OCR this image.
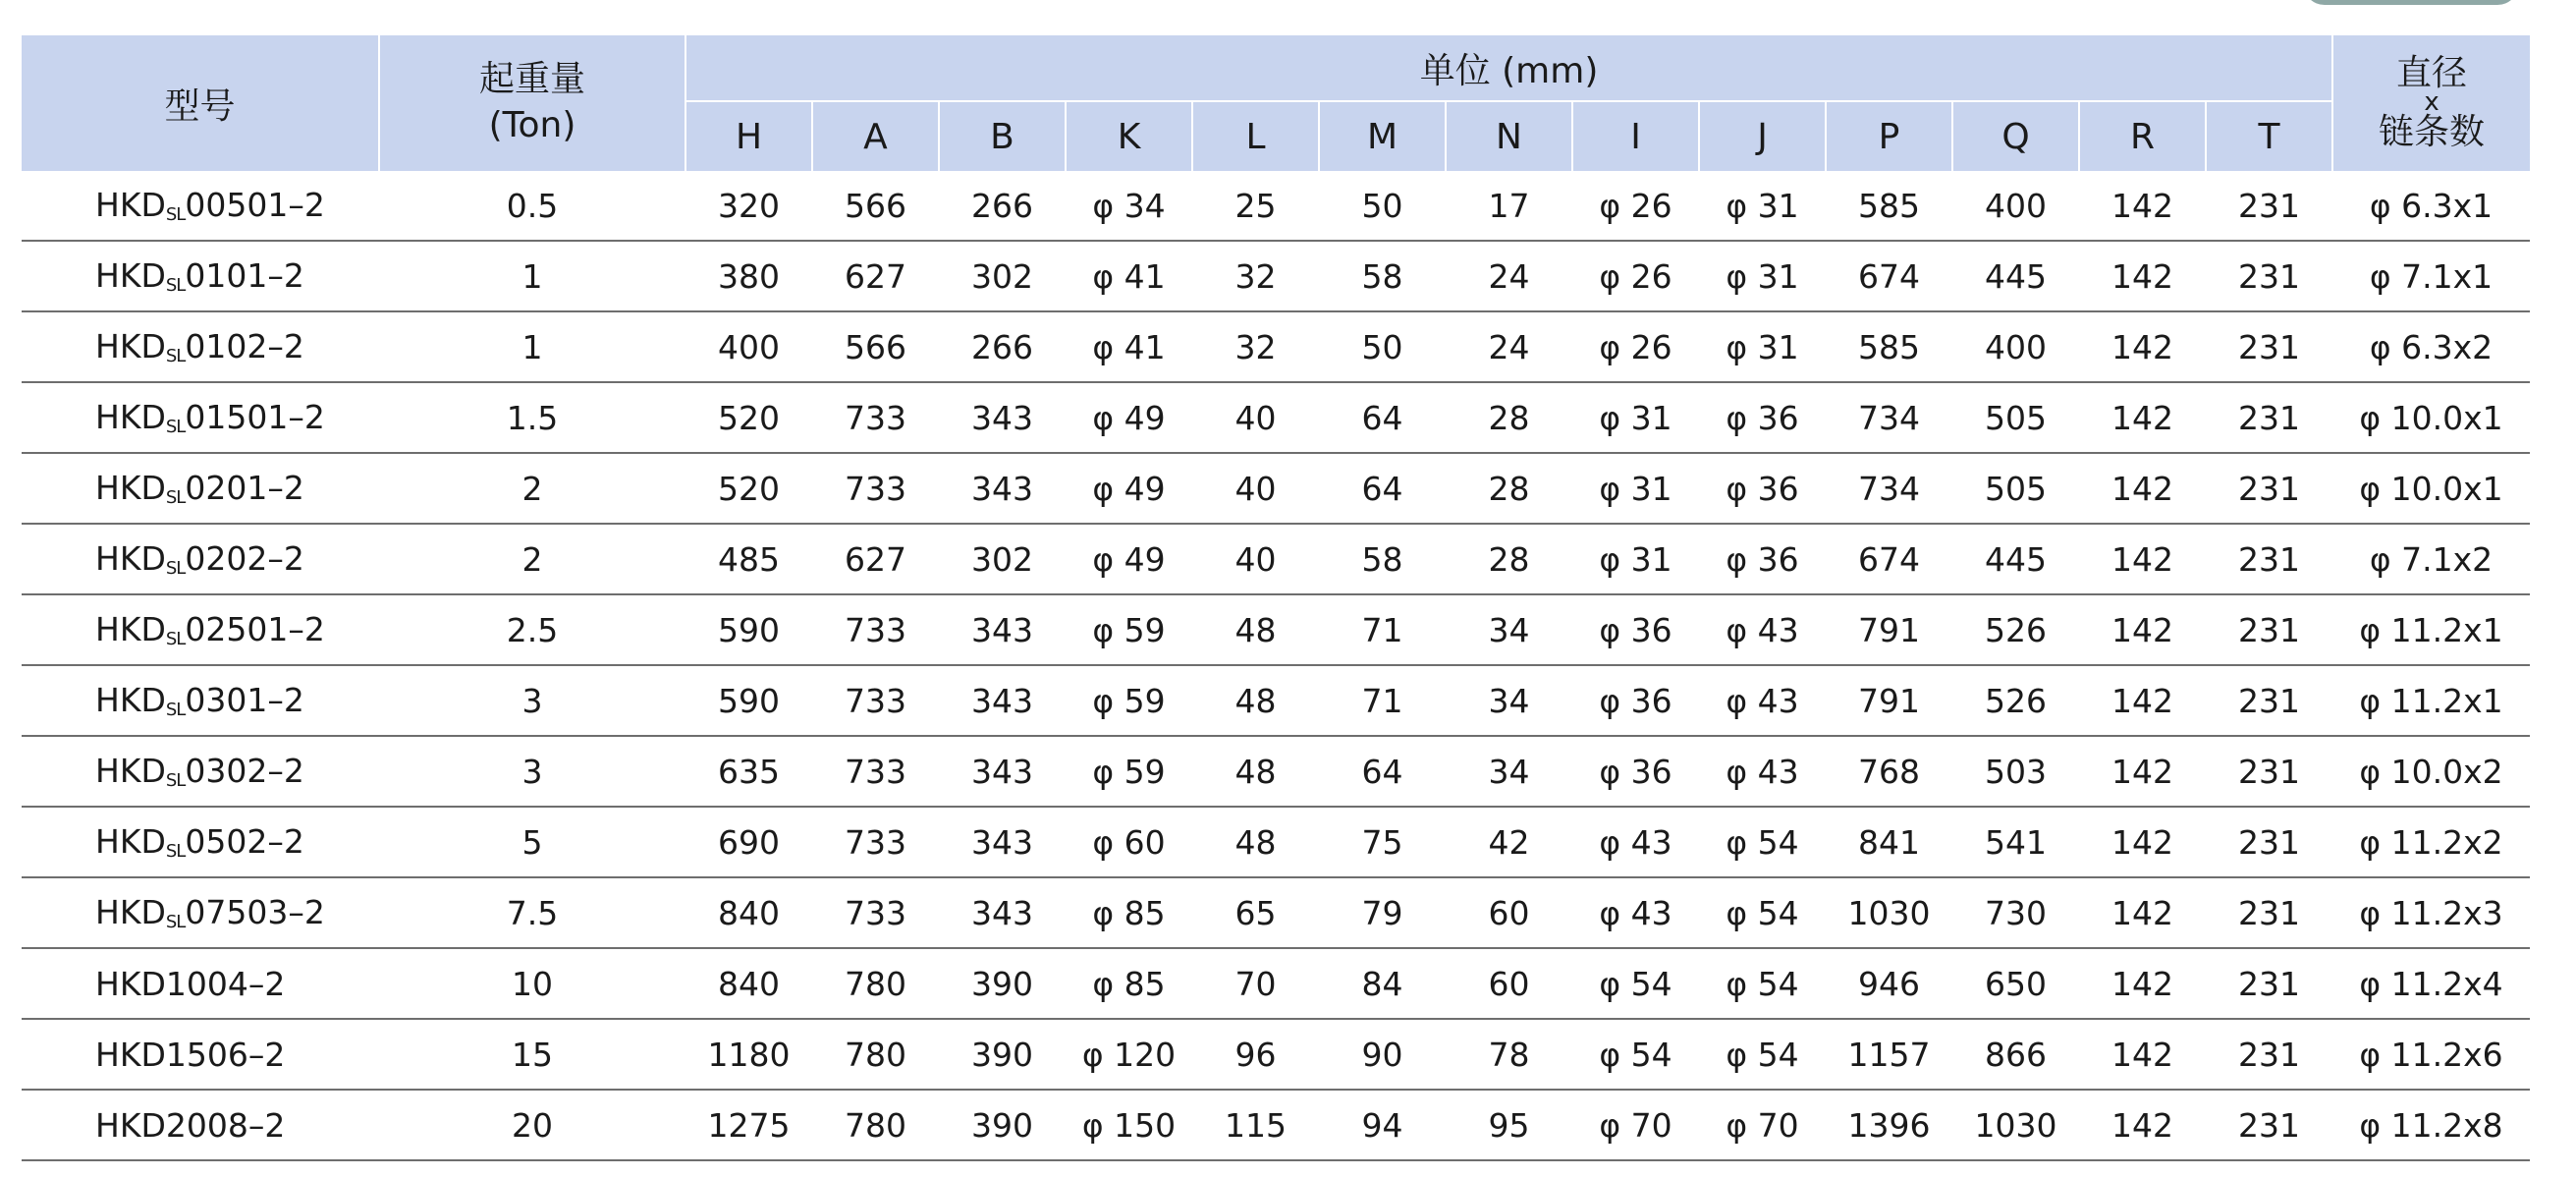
型号	起重量
(Ton)	单位 (mm)													直径
x
链条数
		H	A	B	K	L	M	N	I	J	P	Q	R	T	
$HKD_{SL}00501-2$	0.5	320	566	266	φ 34	25	50	17	φ 26	φ 31	585	400	142	231	φ 6.3x1
$HKD_{SL}0101-2$	1	380	627	302	φ 41	32	58	24	φ 26	φ 31	674	445	142	231	φ 7.1x1
$HKD_{SL}0102-2$	1	400	566	266	φ 41	32	50	24	φ 26	φ 31	585	400	142	231	φ 6.3x2
$HKD_{SL}01501-2$	1.5	520	733	343	φ 49	40	64	28	φ 31	φ 36	734	505	142	231	φ 10.0x1
$HKD_{SL}0201-2$	2	520	733	343	φ 49	40	64	28	φ 31	φ 36	734	505	142	231	φ 10.0x1
$HKD_{SL}0202-2$	2	485	627	302	φ 49	40	58	28	φ 31	φ 36	674	445	142	231	φ 7.1x2
$HKD_{SL}02501-2$	2.5	590	733	343	φ 59	48	71	34	φ 36	φ 43	791	526	142	231	φ 11.2x1
$HKD_{SL}0301-2$	3	590	733	343	φ 59	48	71	34	φ 36	φ 43	791	526	142	231	φ 11.2x1
$HKD_{SL}0302-2$	3	635	733	343	φ 59	48	64	34	φ 36	φ 43	768	503	142	231	φ 10.0x2
$HKD_{SL}0502-2$	5	690	733	343	φ 60	48	75	42	φ 43	φ 54	841	541	142	231	φ 11.2x2
$HKD_{SL}07503-2$	7.5	840	733	343	φ 85	65	79	60	φ 43	φ 54	1030	730	142	231	φ 11.2x3
HKD1004–2	10	840	780	390	φ 85	70	84	60	φ 54	φ 54	946	650	142	231	φ 11.2x4
HKD1506–2	15	1180	780	390	φ 120	96	90	78	φ 54	φ 54	1157	866	142	231	φ 11.2x6
HKD2008–2	20	1275	780	390	φ 150	115	94	95	φ 70	φ 70	1396	1030	142	231	φ 11.2x8
